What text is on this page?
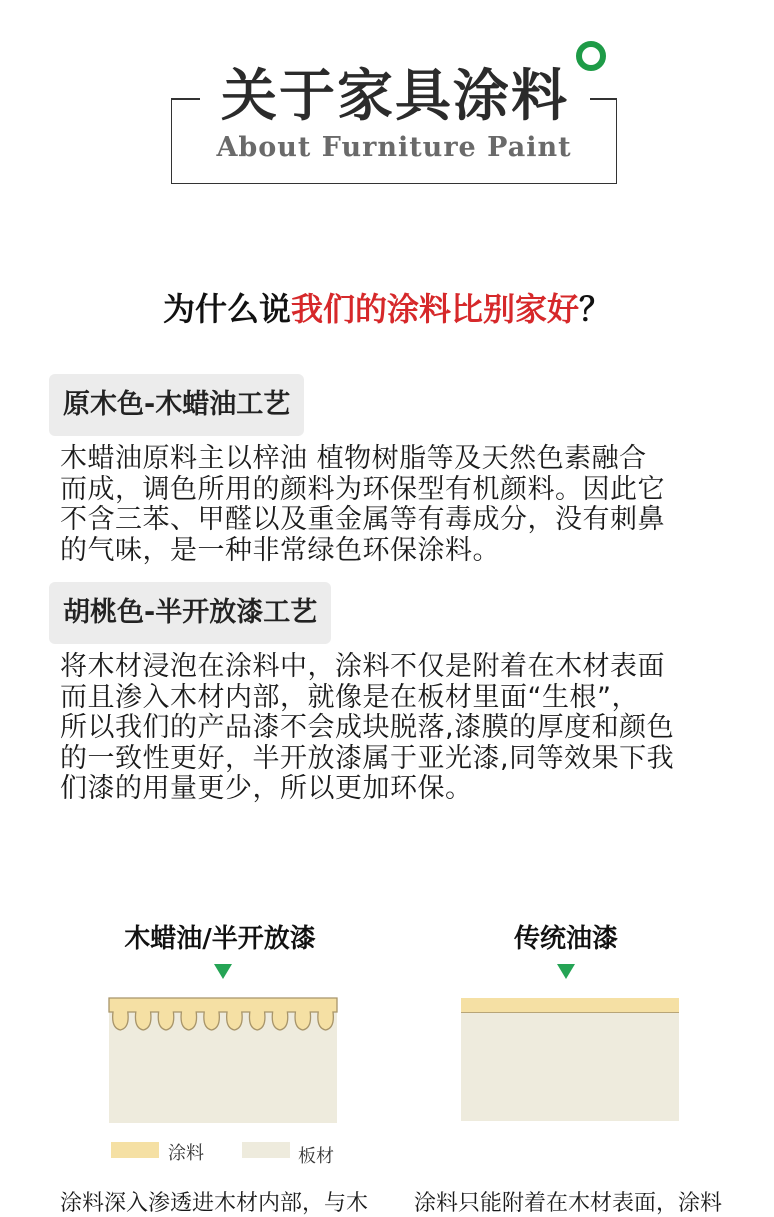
关于家具涂料
About Furniture Paint
为什么说我们的涂料比别家好？
原木色-木蜡油工艺
木蜡油原料主以梓油 植物树脂等及天然色素融合
而成，调色所用的颜料为环保型有机颜料。因此它
不含三苯、甲醛以及重金属等有毒成分，没有刺鼻
的气味，是一种非常绿色环保涂料。
胡桃色-半开放漆工艺
将木材浸泡在涂料中，涂料不仅是附着在木材表面
而且渗入木材内部，就像是在板材里面“生根”，
所以我们的产品漆不会成块脱落,漆膜的厚度和颜色
的一致性更好，半开放漆属于亚光漆,同等效果下我
们漆的用量更少，所以更加环保。
木蜡油/半开放漆	传统油漆
涂料	板材
涂料深入渗透进木材内部，与木 涂料只能附着在木材表面，涂料
